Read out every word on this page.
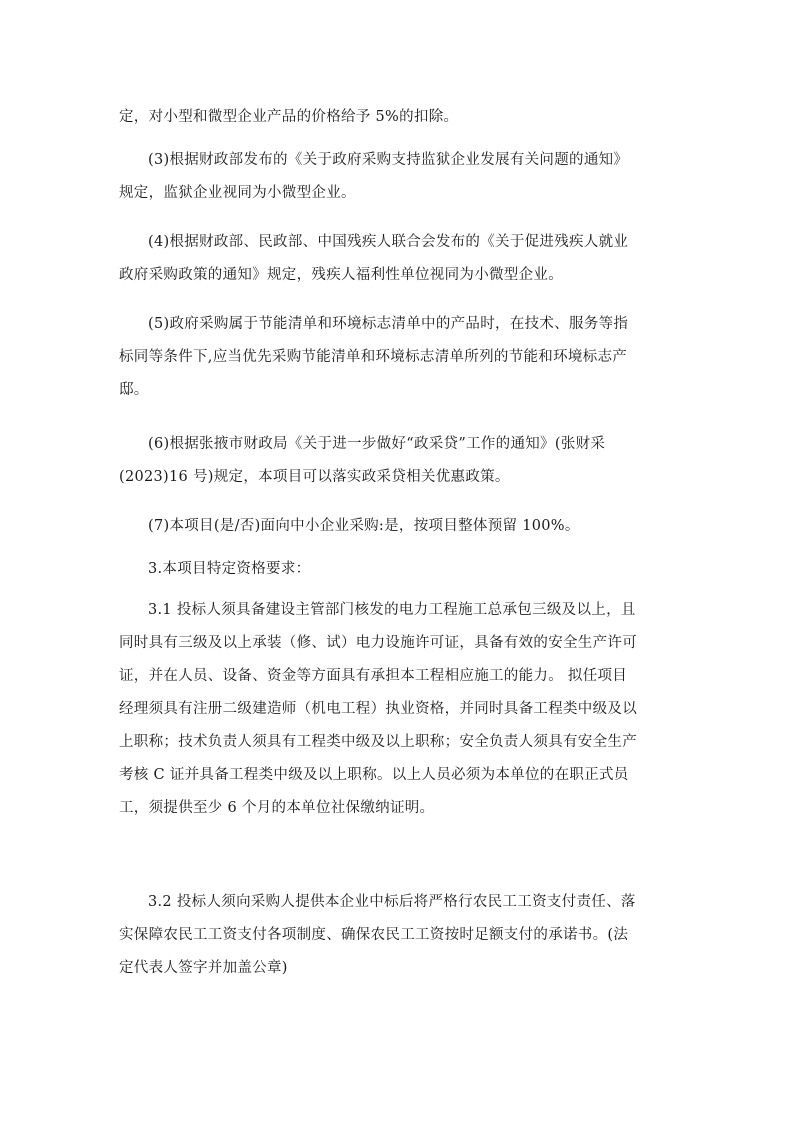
定，对小型和微型企业产品的价格给予 5%的扣除。

(3)根据财政部发布的《关于政府采购支持监狱企业发展有关问题的通知》
规定，监狱企业视同为小微型企业。

(4)根据财政部、民政部、中国残疾人联合会发布的《关于促进残疾人就业
政府采购政策的通知》规定，残疾人福利性单位视同为小微型企业。

(5)政府采购属于节能清单和环境标志清单中的产品时，在技术、服务等指
标同等条件下,应当优先采购节能清单和环境标志清单所列的节能和环境标志产
邸。

(6)根据张掖市财政局《关于进一步做好“政采贷”工作的通知》(张财采
(2023)16 号)规定，本项目可以落实政采贷相关优惠政策。

(7)本项目(是/否)面向中小企业采购:是，按项目整体预留 100%。

3.本项目特定资格要求：

3.1 投标人须具备建设主管部门核发的电力工程施工总承包三级及以上，且
同时具有三级及以上承装（修、试）电力设施许可证，具备有效的安全生产许可
证，并在人员、设备、资金等方面具有承担本工程相应施工的能力。 拟任项目
经理须具有注册二级建造师（机电工程）执业资格，并同时具备工程类中级及以
上职称；技术负责人须具有工程类中级及以上职称；安全负责人须具有安全生产
考核 C 证并具备工程类中级及以上职称。以上人员必须为本单位的在职正式员
工，须提供至少 6 个月的本单位社保缴纳证明。

3.2 投标人须向采购人提供本企业中标后将严格行农民工工资支付责任、落
实保障农民工工资支付各项制度、确保农民工工资按时足额支付的承诺书。(法
定代表人签字并加盖公章)
